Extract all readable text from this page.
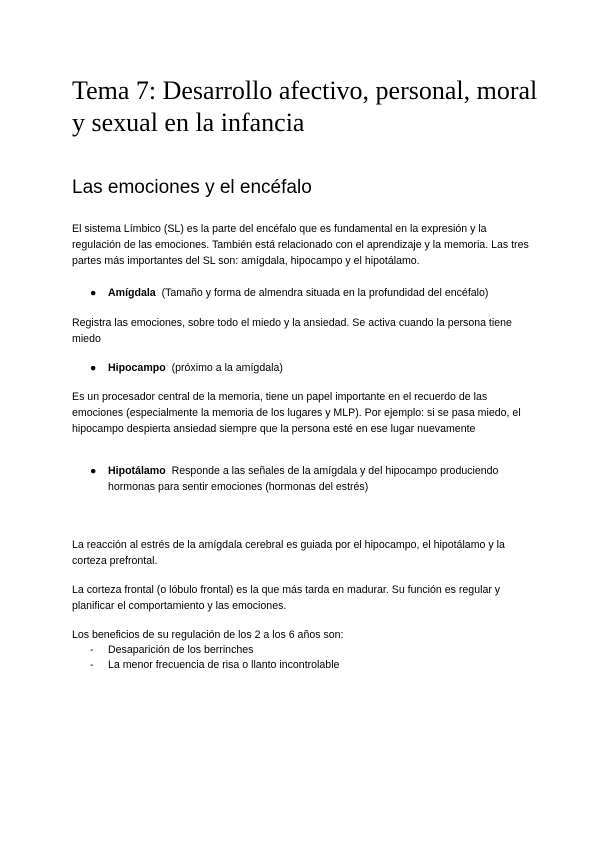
Tema 7: Desarrollo afectivo, personal, moral y sexual en la infancia
Las emociones y el encéfalo

El sistema Límbico (SL) es la parte del encéfalo que es fundamental en la expresión y la regulación de las emociones. También está relacionado con el aprendizaje y la memoria. Las tres partes más importantes del SL son: amígdala, hipocampo y el hipotálamo.

●	Amígdala: (Tamaño y forma de almendra situada en la profundidad del encéfalo)

Registra las emociones, sobre todo el miedo y la ansiedad. Se activa cuando la persona tiene miedo

●	Hipocampo: (próximo a la amígdala)

Es un procesador central de la memoria, tiene un papel importante en el recuerdo de las emociones (especialmente la memoria de los lugares y MLP). Por ejemplo: si se pasa miedo, el hipocampo despierta ansiedad siempre que la persona esté en ese lugar nuevamente

●	Hipotálamo: Responde a las señales de la amígdala y del hipocampo produciendo hormonas para sentir emociones (hormonas del estrés)

La reacción al estrés de la amígdala cerebral es guiada por el hipocampo, el hipotálamo y la corteza prefrontal.

La corteza frontal (o lóbulo frontal) es la que más tarda en madurar. Su función es regular y planificar el comportamiento y las emociones.

Los beneficios de su regulación de los 2 a los 6 años son:

- Desaparición de los berrinches
- La menor frecuencia de risa o llanto incontrolable
